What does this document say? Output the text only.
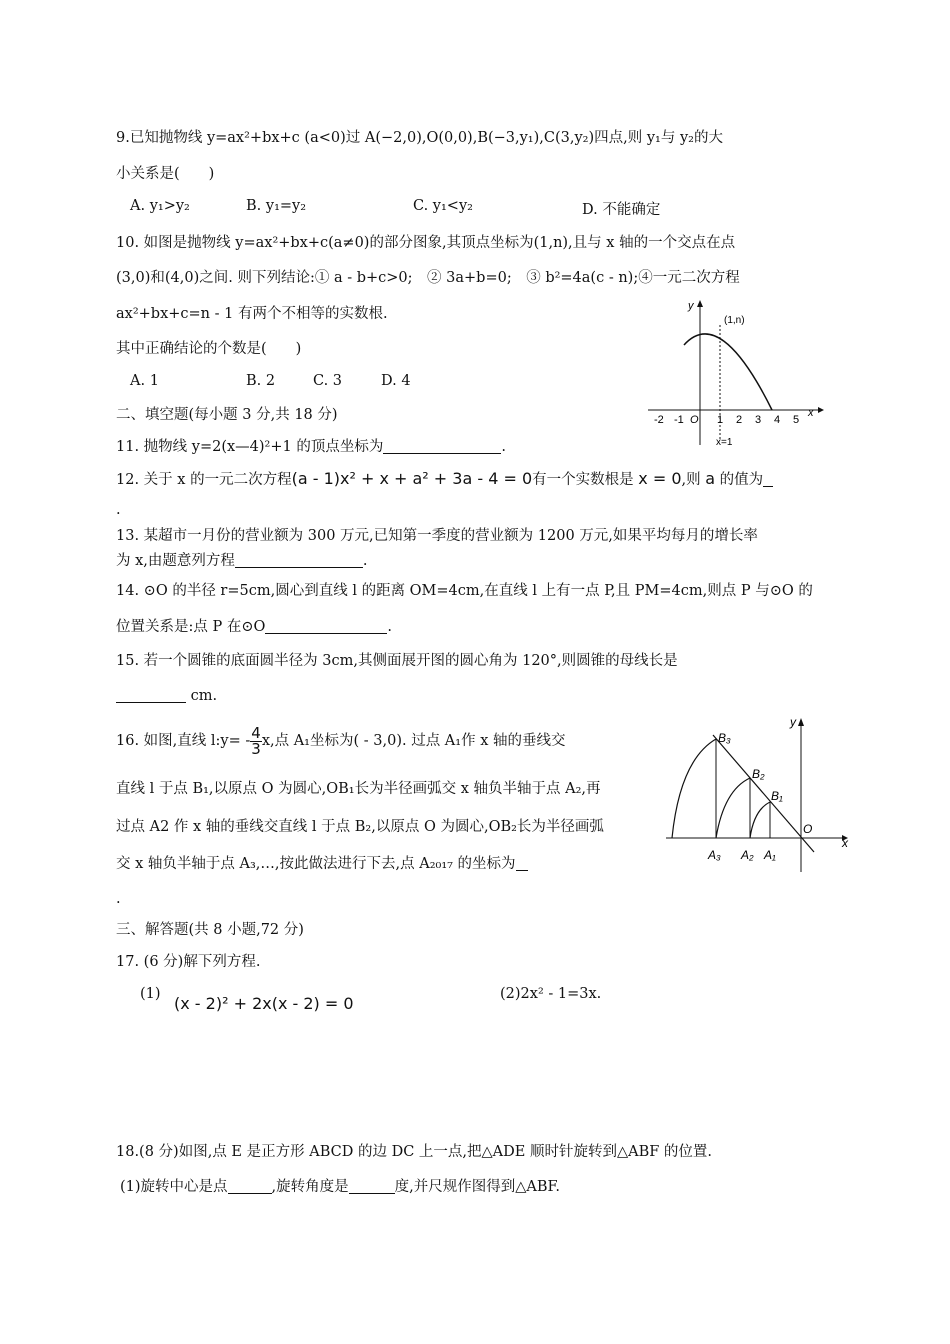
9.已知抛物线 y=ax²+bx+c (a<0)过 A(−2,0),O(0,0),B(−3,y₁),C(3,y₂)四点,则 y₁与 y₂的大
小关系是(　　)
A. y₁>y₂	B. y₁=y₂	C. y₁<y₂	D. 不能确定
10. 如图是抛物线 y=ax²+bx+c(a≠0)的部分图象,其顶点坐标为(1,n),且与 x 轴的一个交点在点
(3,0)和(4,0)之间. 则下列结论:① a - b+c>0;　② 3a+b=0;　③ b²=4a(c - n);④一元二次方程
ax²+bx+c=n - 1 有两个不相等的实数根.
其中正确结论的个数是(　　)
A. 1	B. 2	C. 3	D. 4
x
y
(1,n)
x=1
-2 -1 O 1 2 3 4 5
二、填空题(每小题 3 分,共 18 分)
11. 抛物线 y=2(x—4)²+1 的顶点坐标为	.
12. 关于 x 的一元二次方程(a - 1)x² + x + a² + 3a - 4 = 0有一个实数根是 x = 0,则 a 的值为
.
13. 某超市一月份的营业额为 300 万元,已知第一季度的营业额为 1200 万元,如果平均每月的增长率
为 x,由题意列方程	.
14. ⊙O 的半径 r=5cm,圆心到直线 l 的距离 OM=4cm,在直线 l 上有一点 P,且 PM=4cm,则点 P 与⊙O 的
位置关系是:点 P 在⊙O	.
15. 若一个圆锥的底面圆半径为 3cm,其侧面展开图的圆心角为 120°,则圆锥的母线长是
cm.
16. 如图,直线 l:y= - $\frac{4}{3} x$,点 A₁坐标为( - 3,0). 过点 A₁作 x 轴的垂线交
直线 l 于点 B₁,以原点 O 为圆心,OB₁长为半径画弧交 x 轴负半轴于点 A₂,再
过点 A2 作 x 轴的垂线交直线 l 于点 B₂,以原点 O 为圆心,OB₂长为半径画弧
交 x 轴负半轴于点 A₃,…,按此做法进行下去,点 A₂₀₁₇ 的坐标为
.
x
y
B₃
B₂
B₁
O
A₃ A₂ A₁
三、解答题(共 8 小题,72 分)
17. (6 分)解下列方程.
(1) (x - 2)² + 2x(x - 2) = 0	(2)2x² - 1=3x.
18.(8 分)如图,点 E 是正方形 ABCD 的边 DC 上一点,把△ADE 顺时针旋转到△ABF 的位置.
(1)旋转中心是点	,旋转角度是	度,并尺规作图得到△ABF.
